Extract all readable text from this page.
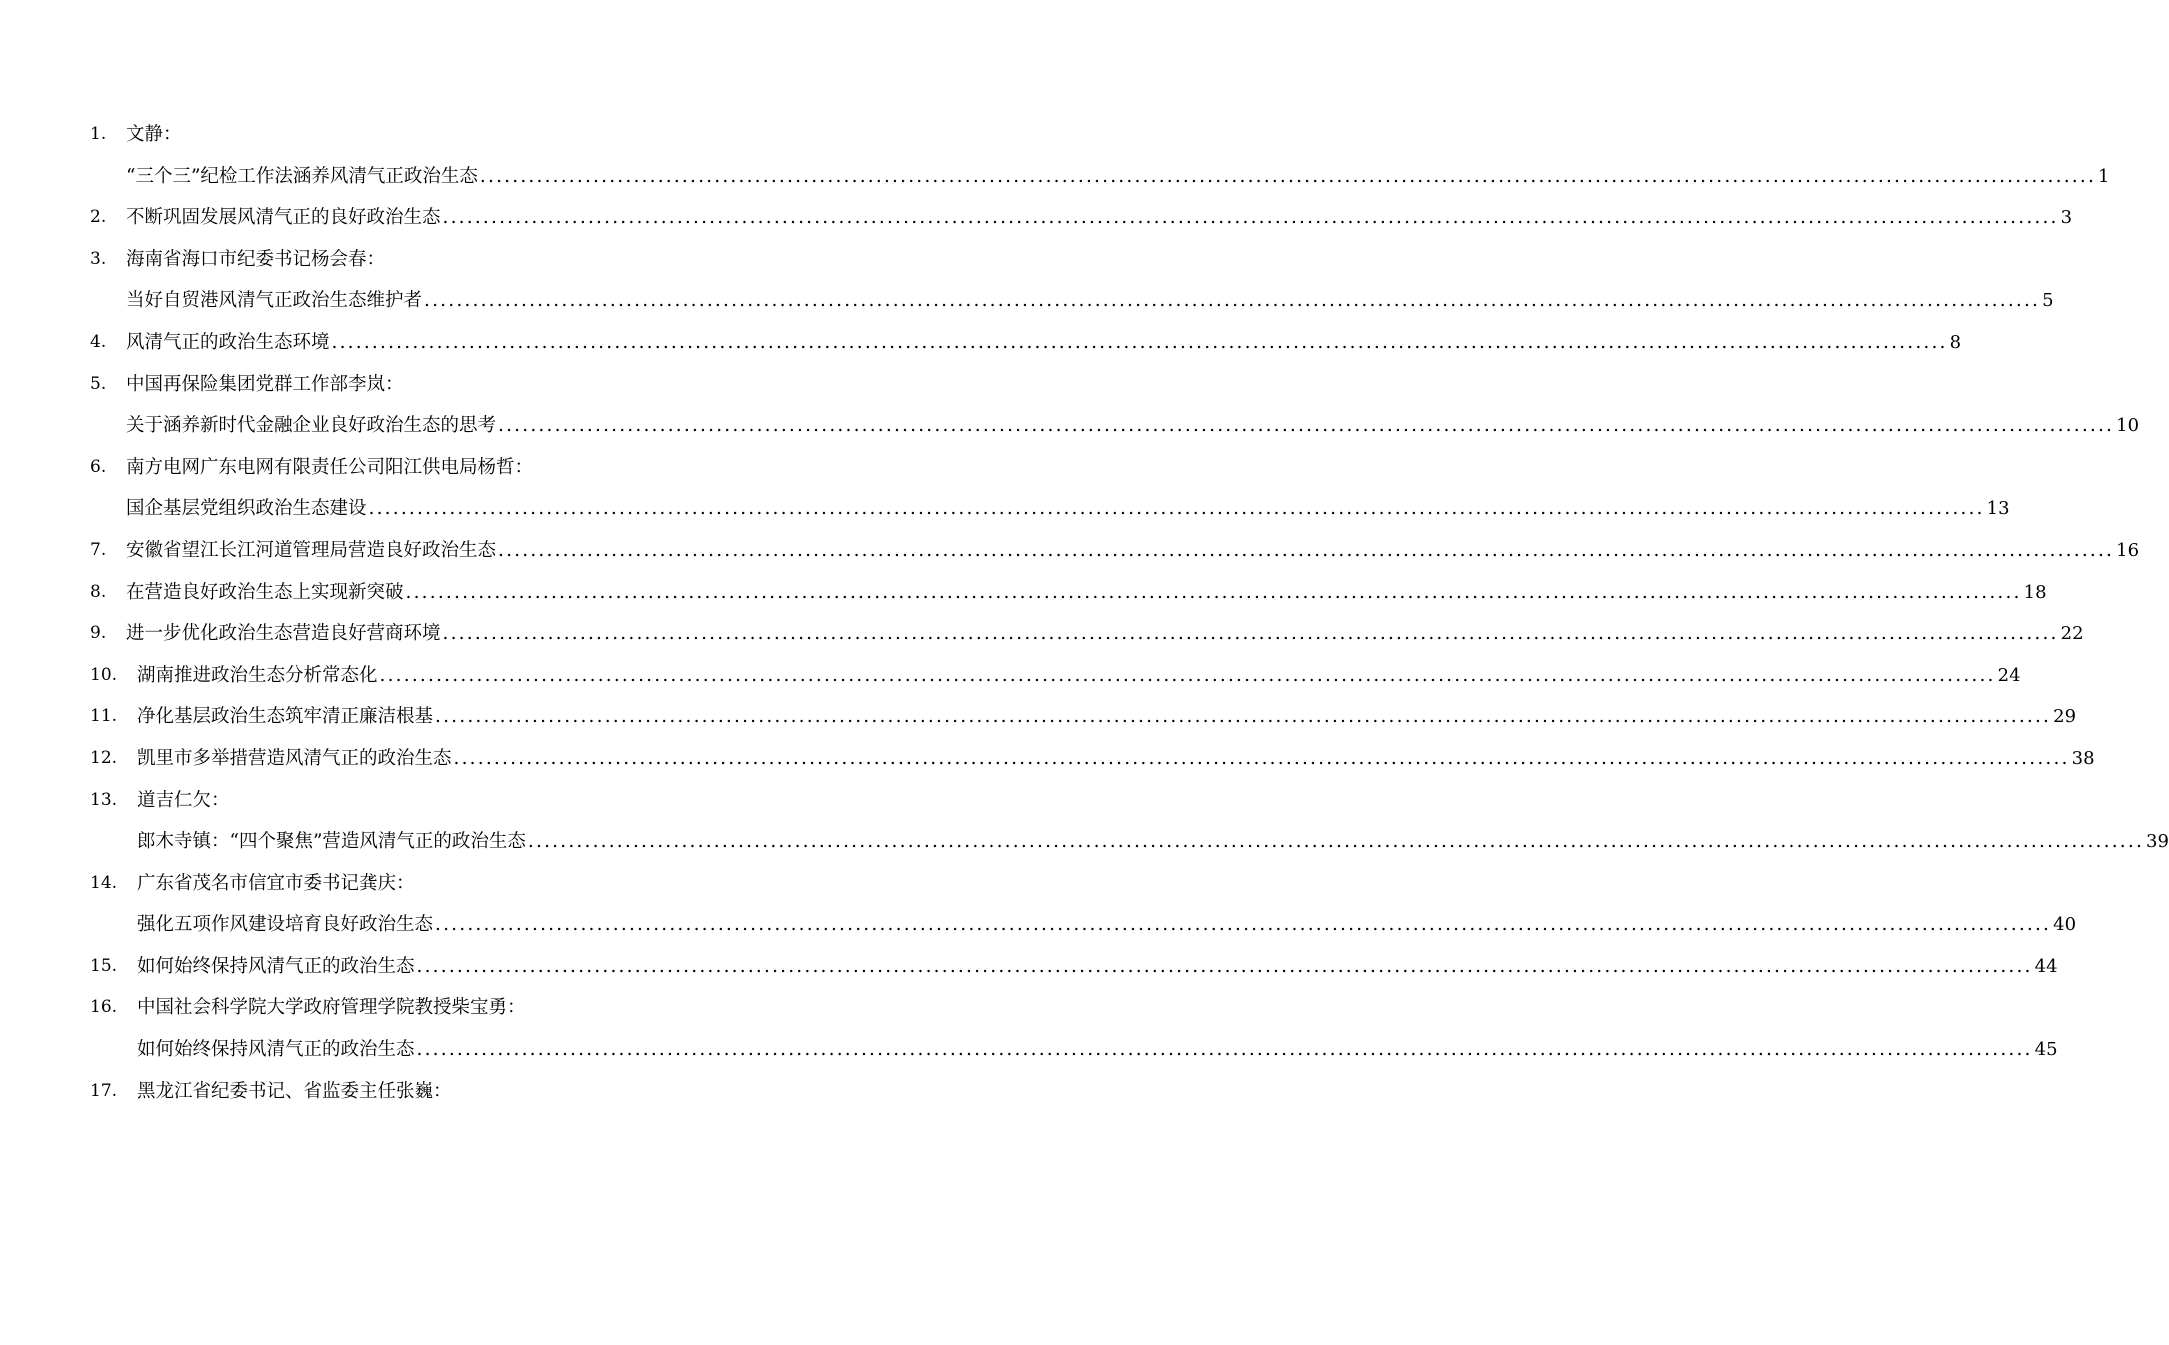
1. 文静：
“三个三”纪检工作法涵养风清气正政治生态 ........................................................................................................................................................................................................ 1
2. 不断巩固发展风清气正的良好政治生态 ........................................................................................................................................................................................................ 3
3. 海南省海口市纪委书记杨会春：
当好自贸港风清气正政治生态维护者 ........................................................................................................................................................................................................ 5
4. 风清气正的政治生态环境 ........................................................................................................................................................................................................ 8
5. 中国再保险集团党群工作部李岚：
关于涵养新时代金融企业良好政治生态的思考 ........................................................................................................................................................................................................ 10
6. 南方电网广东电网有限责任公司阳江供电局杨哲：
国企基层党组织政治生态建设 ........................................................................................................................................................................................................ 13
7. 安徽省望江长江河道管理局营造良好政治生态 ........................................................................................................................................................................................................ 16
8. 在营造良好政治生态上实现新突破 ........................................................................................................................................................................................................ 18
9. 进一步优化政治生态营造良好营商环境 ........................................................................................................................................................................................................ 22
10. 湖南推进政治生态分析常态化 ........................................................................................................................................................................................................ 24
11. 净化基层政治生态筑牢清正廉洁根基 ........................................................................................................................................................................................................ 29
12. 凯里市多举措营造风清气正的政治生态 ........................................................................................................................................................................................................ 38
13. 道吉仁欠：
郎木寺镇：“四个聚焦”营造风清气正的政治生态 ........................................................................................................................................................................................................ 39
14. 广东省茂名市信宜市委书记龚庆：
强化五项作风建设培育良好政治生态 ........................................................................................................................................................................................................ 40
15. 如何始终保持风清气正的政治生态 ........................................................................................................................................................................................................ 44
16. 中国社会科学院大学政府管理学院教授柴宝勇：
如何始终保持风清气正的政治生态 ........................................................................................................................................................................................................ 45
17. 黑龙江省纪委书记、省监委主任张巍：
